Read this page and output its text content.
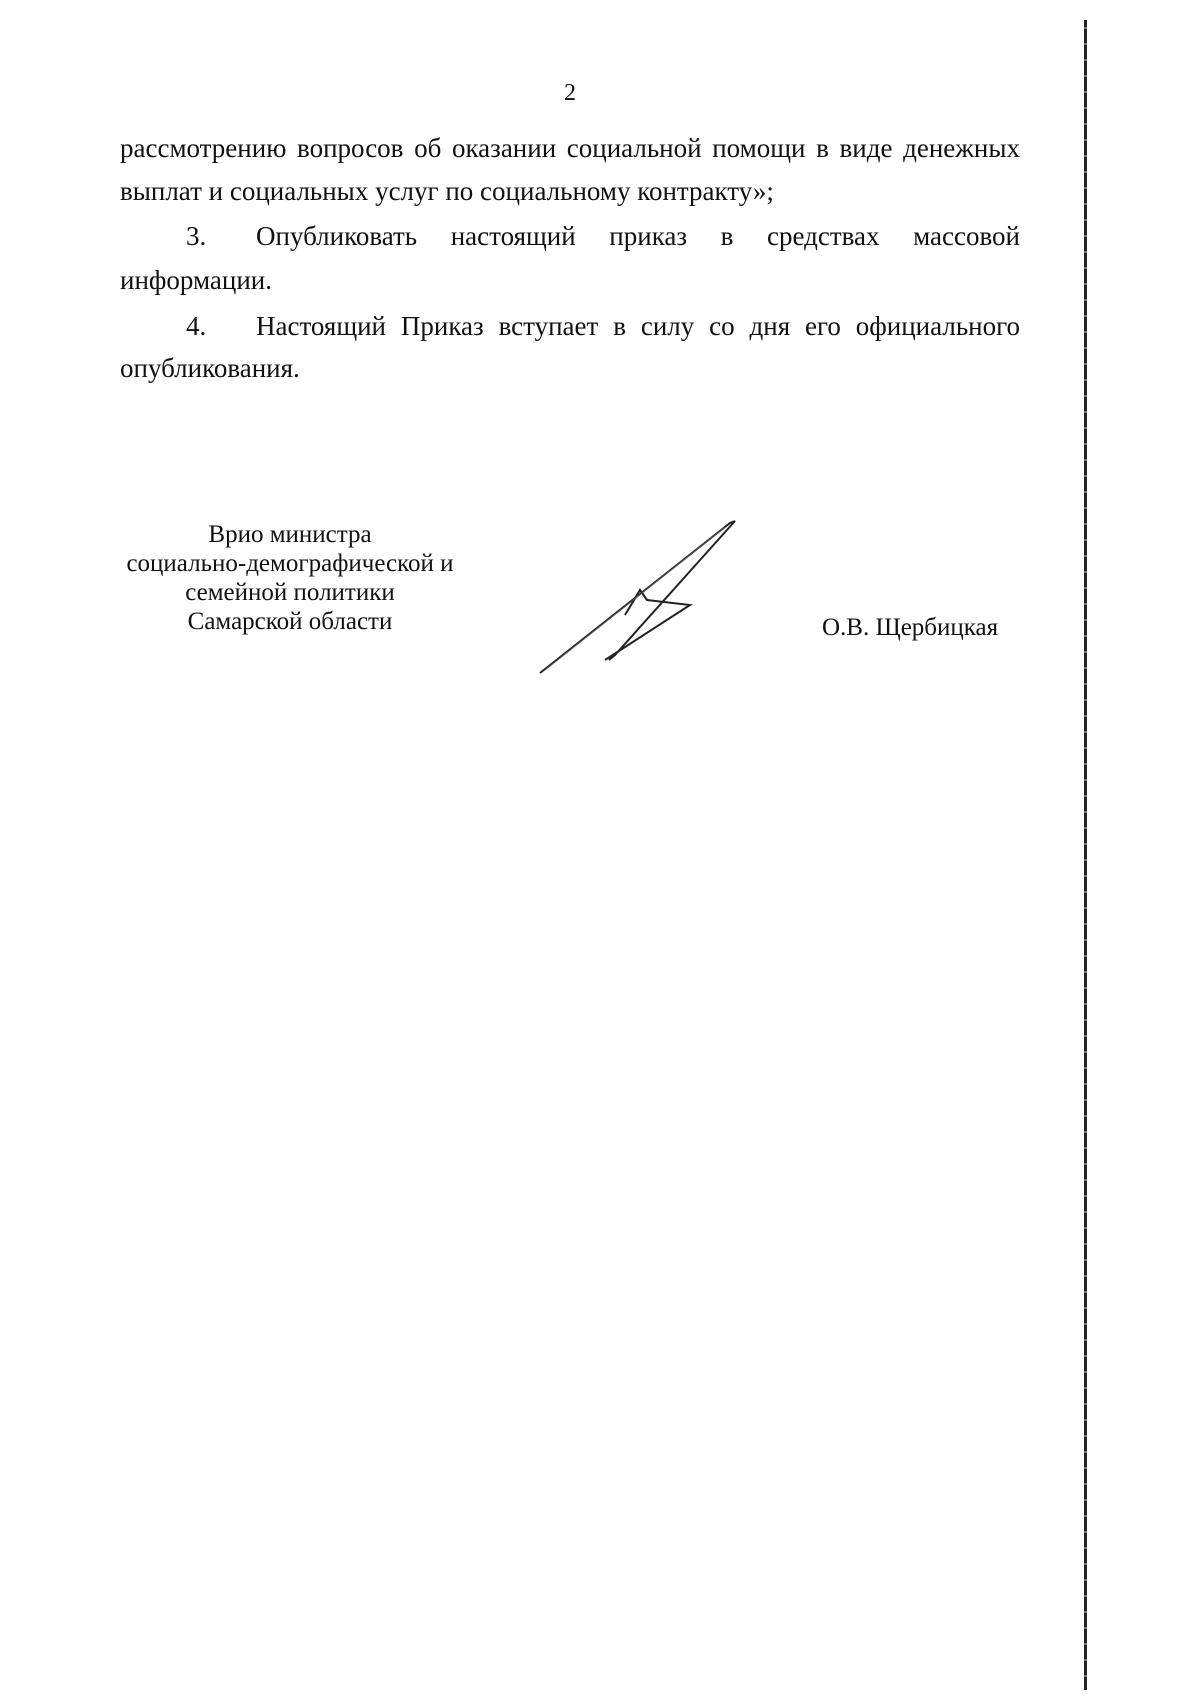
2
рассмотрению вопросов об оказании социальной помощи в виде денежных
выплат и социальных услуг по социальному контракту»;
3.	Опубликовать настоящий приказ в средствах массовой
информации.
4.	Настоящий Приказ вступает в силу со дня его официального
опубликования.
Врио министра
социально-демографической и
семейной политики
Самарской области	О.В. Щербицкая
